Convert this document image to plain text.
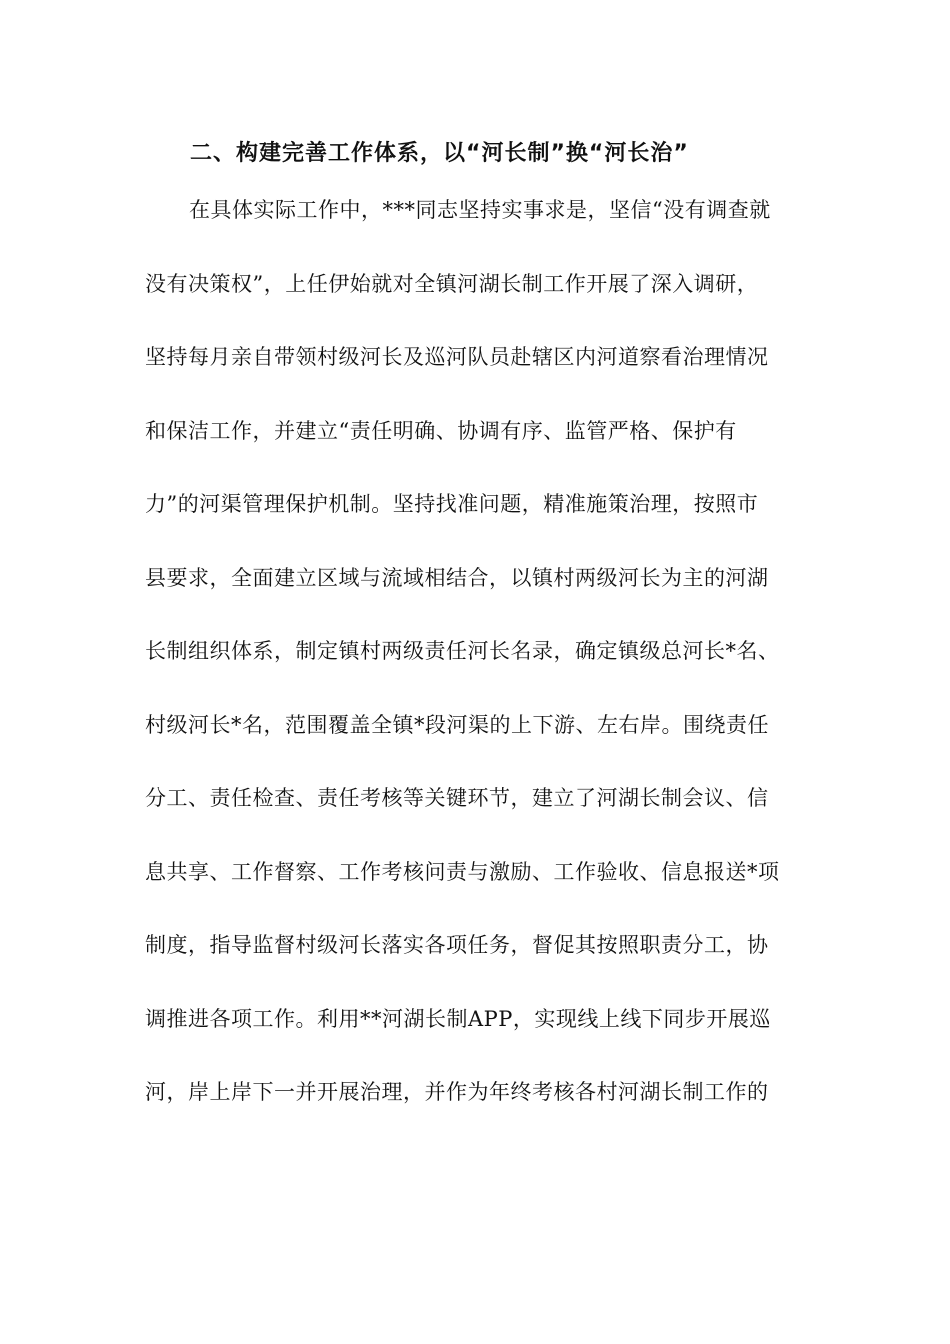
二、构建完善工作体系，以“河长制”换“河长治”
在具体实际工作中，***同志坚持实事求是，坚信“没有调查就
没有决策权”，上任伊始就对全镇河湖长制工作开展了深入调研，
坚持每月亲自带领村级河长及巡河队员赴辖区内河道察看治理情况
和保洁工作，并建立“责任明确、协调有序、监管严格、保护有
力”的河渠管理保护机制。坚持找准问题，精准施策治理，按照市
县要求，全面建立区域与流域相结合，以镇村两级河长为主的河湖
长制组织体系，制定镇村两级责任河长名录，确定镇级总河长*名、
村级河长*名，范围覆盖全镇*段河渠的上下游、左右岸。围绕责任
分工、责任检查、责任考核等关键环节，建立了河湖长制会议、信
息共享、工作督察、工作考核问责与激励、工作验收、信息报送*项
制度，指导监督村级河长落实各项任务，督促其按照职责分工，协
调推进各项工作。利用**河湖长制APP，实现线上线下同步开展巡
河，岸上岸下一并开展治理，并作为年终考核各村河湖长制工作的
